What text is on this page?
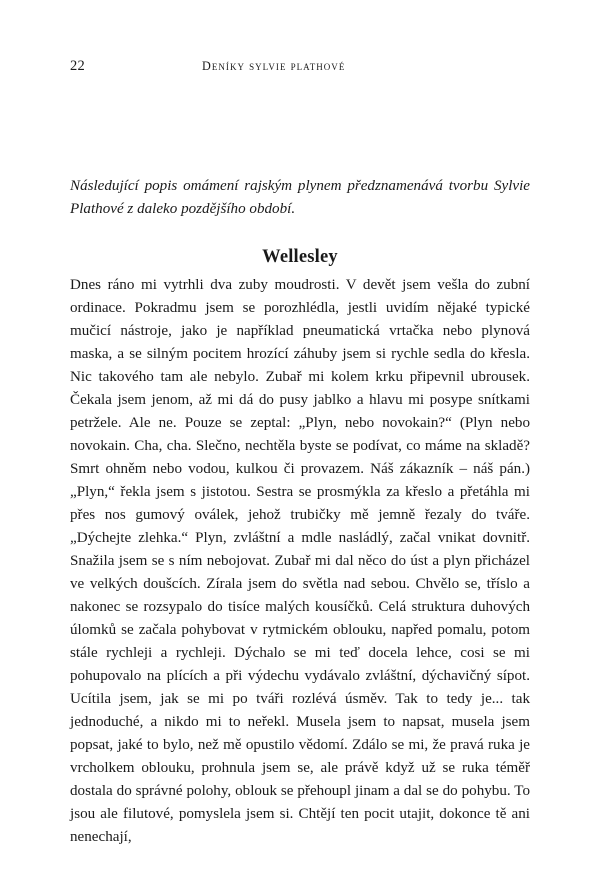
22	deníky sylvie plathové

Následující popis omámení rajským plynem předznamenává tvorbu Sylvie Plathové z daleko pozdějšího období.

Wellesley

Dnes ráno mi vytrhli dva zuby moudrosti. V devět jsem vešla do zubní ordinace. Pokradmu jsem se porozhlédla, jestli uvidím nějaké typické mučicí nástroje, jako je například pneumatická vrtačka nebo plynová maska, a se silným pocitem hrozící záhuby jsem si rychle sedla do křesla. Nic takového tam ale nebylo. Zubař mi kolem krku připevnil ubrousek. Čekala jsem jenom, až mi dá do pusy jablko a hlavu mi posype snítkami petržele. Ale ne. Pouze se zeptal: „Plyn, nebo novokain?“ (Plyn nebo novokain. Cha, cha. Slečno, nechtěla byste se podívat, co máme na skladě? Smrt ohněm nebo vodou, kulkou či provazem. Náš zákazník – náš pán.) „Plyn,“ řekla jsem s jistotou. Sestra se prosmýkla za křeslo a přetáhla mi přes nos gumový oválek, jehož trubičky mě jemně řezaly do tváře. „Dýchejte zlehka.“ Plyn, zvláštní a mdle nasládlý, začal vnikat dovnitř. Snažila jsem se s ním nebojovat. Zubař mi dal něco do úst a plyn přicházel ve velkých doušcích. Zírala jsem do světla nad sebou. Chvělo se, tříslo a nakonec se rozsypalo do tisíce malých kousíčků. Celá struktura duhových úlomků se začala pohybovat v rytmickém oblouku, napřed pomalu, potom stále rychleji a rychleji. Dýchalo se mi teď docela lehce, cosi se mi pohupovalo na plících a při výdechu vydávalo zvláštní, dýchavičný sípot. Ucítila jsem, jak se mi po tváři rozlévá úsměv. Tak to tedy je... tak jednoduché, a nikdo mi to neřekl. Musela jsem to napsat, musela jsem popsat, jaké to bylo, než mě opustilo vědomí. Zdálo se mi, že pravá ruka je vrcholkem oblouku, prohnula jsem se, ale právě když už se ruka téměř dostala do správné polohy, oblouk se přehoupl jinam a dal se do pohybu. To jsou ale filutové, pomyslela jsem si. Chtějí ten pocit utajit, dokonce tě ani nenechají,
